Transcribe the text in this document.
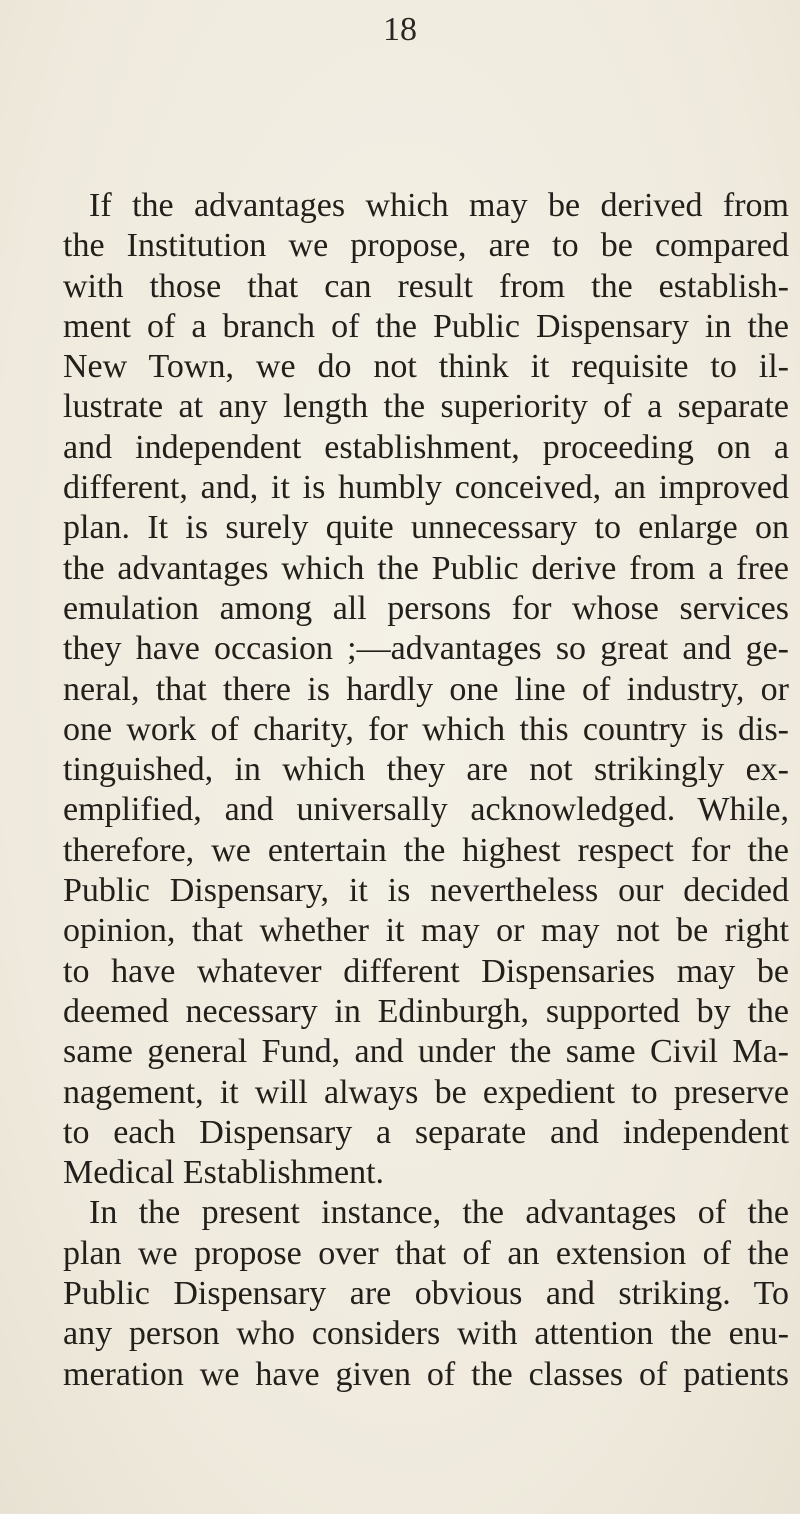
18
If the advantages which may be derived from
the Institution we propose, are to be compared
with those that can result from the establish-
ment of a branch of the Public Dispensary in the
New Town, we do not think it requisite to il-
lustrate at any length the superiority of a separate
and independent establishment, proceeding on a
different, and, it is humbly conceived, an improved
plan. It is surely quite unnecessary to enlarge on
the advantages which the Public derive from a free
emulation among all persons for whose services
they have occasion ;—advantages so great and ge-
neral, that there is hardly one line of industry, or
one work of charity, for which this country is dis-
tinguished, in which they are not strikingly ex-
emplified, and universally acknowledged. While,
therefore, we entertain the highest respect for the
Public Dispensary, it is nevertheless our decided
opinion, that whether it may or may not be right
to have whatever different Dispensaries may be
deemed necessary in Edinburgh, supported by the
same general Fund, and under the same Civil Ma-
nagement, it will always be expedient to preserve
to each Dispensary a separate and independent
Medical Establishment.
In the present instance, the advantages of the
plan we propose over that of an extension of the
Public Dispensary are obvious and striking. To
any person who considers with attention the enu-
meration we have given of the classes of patients
